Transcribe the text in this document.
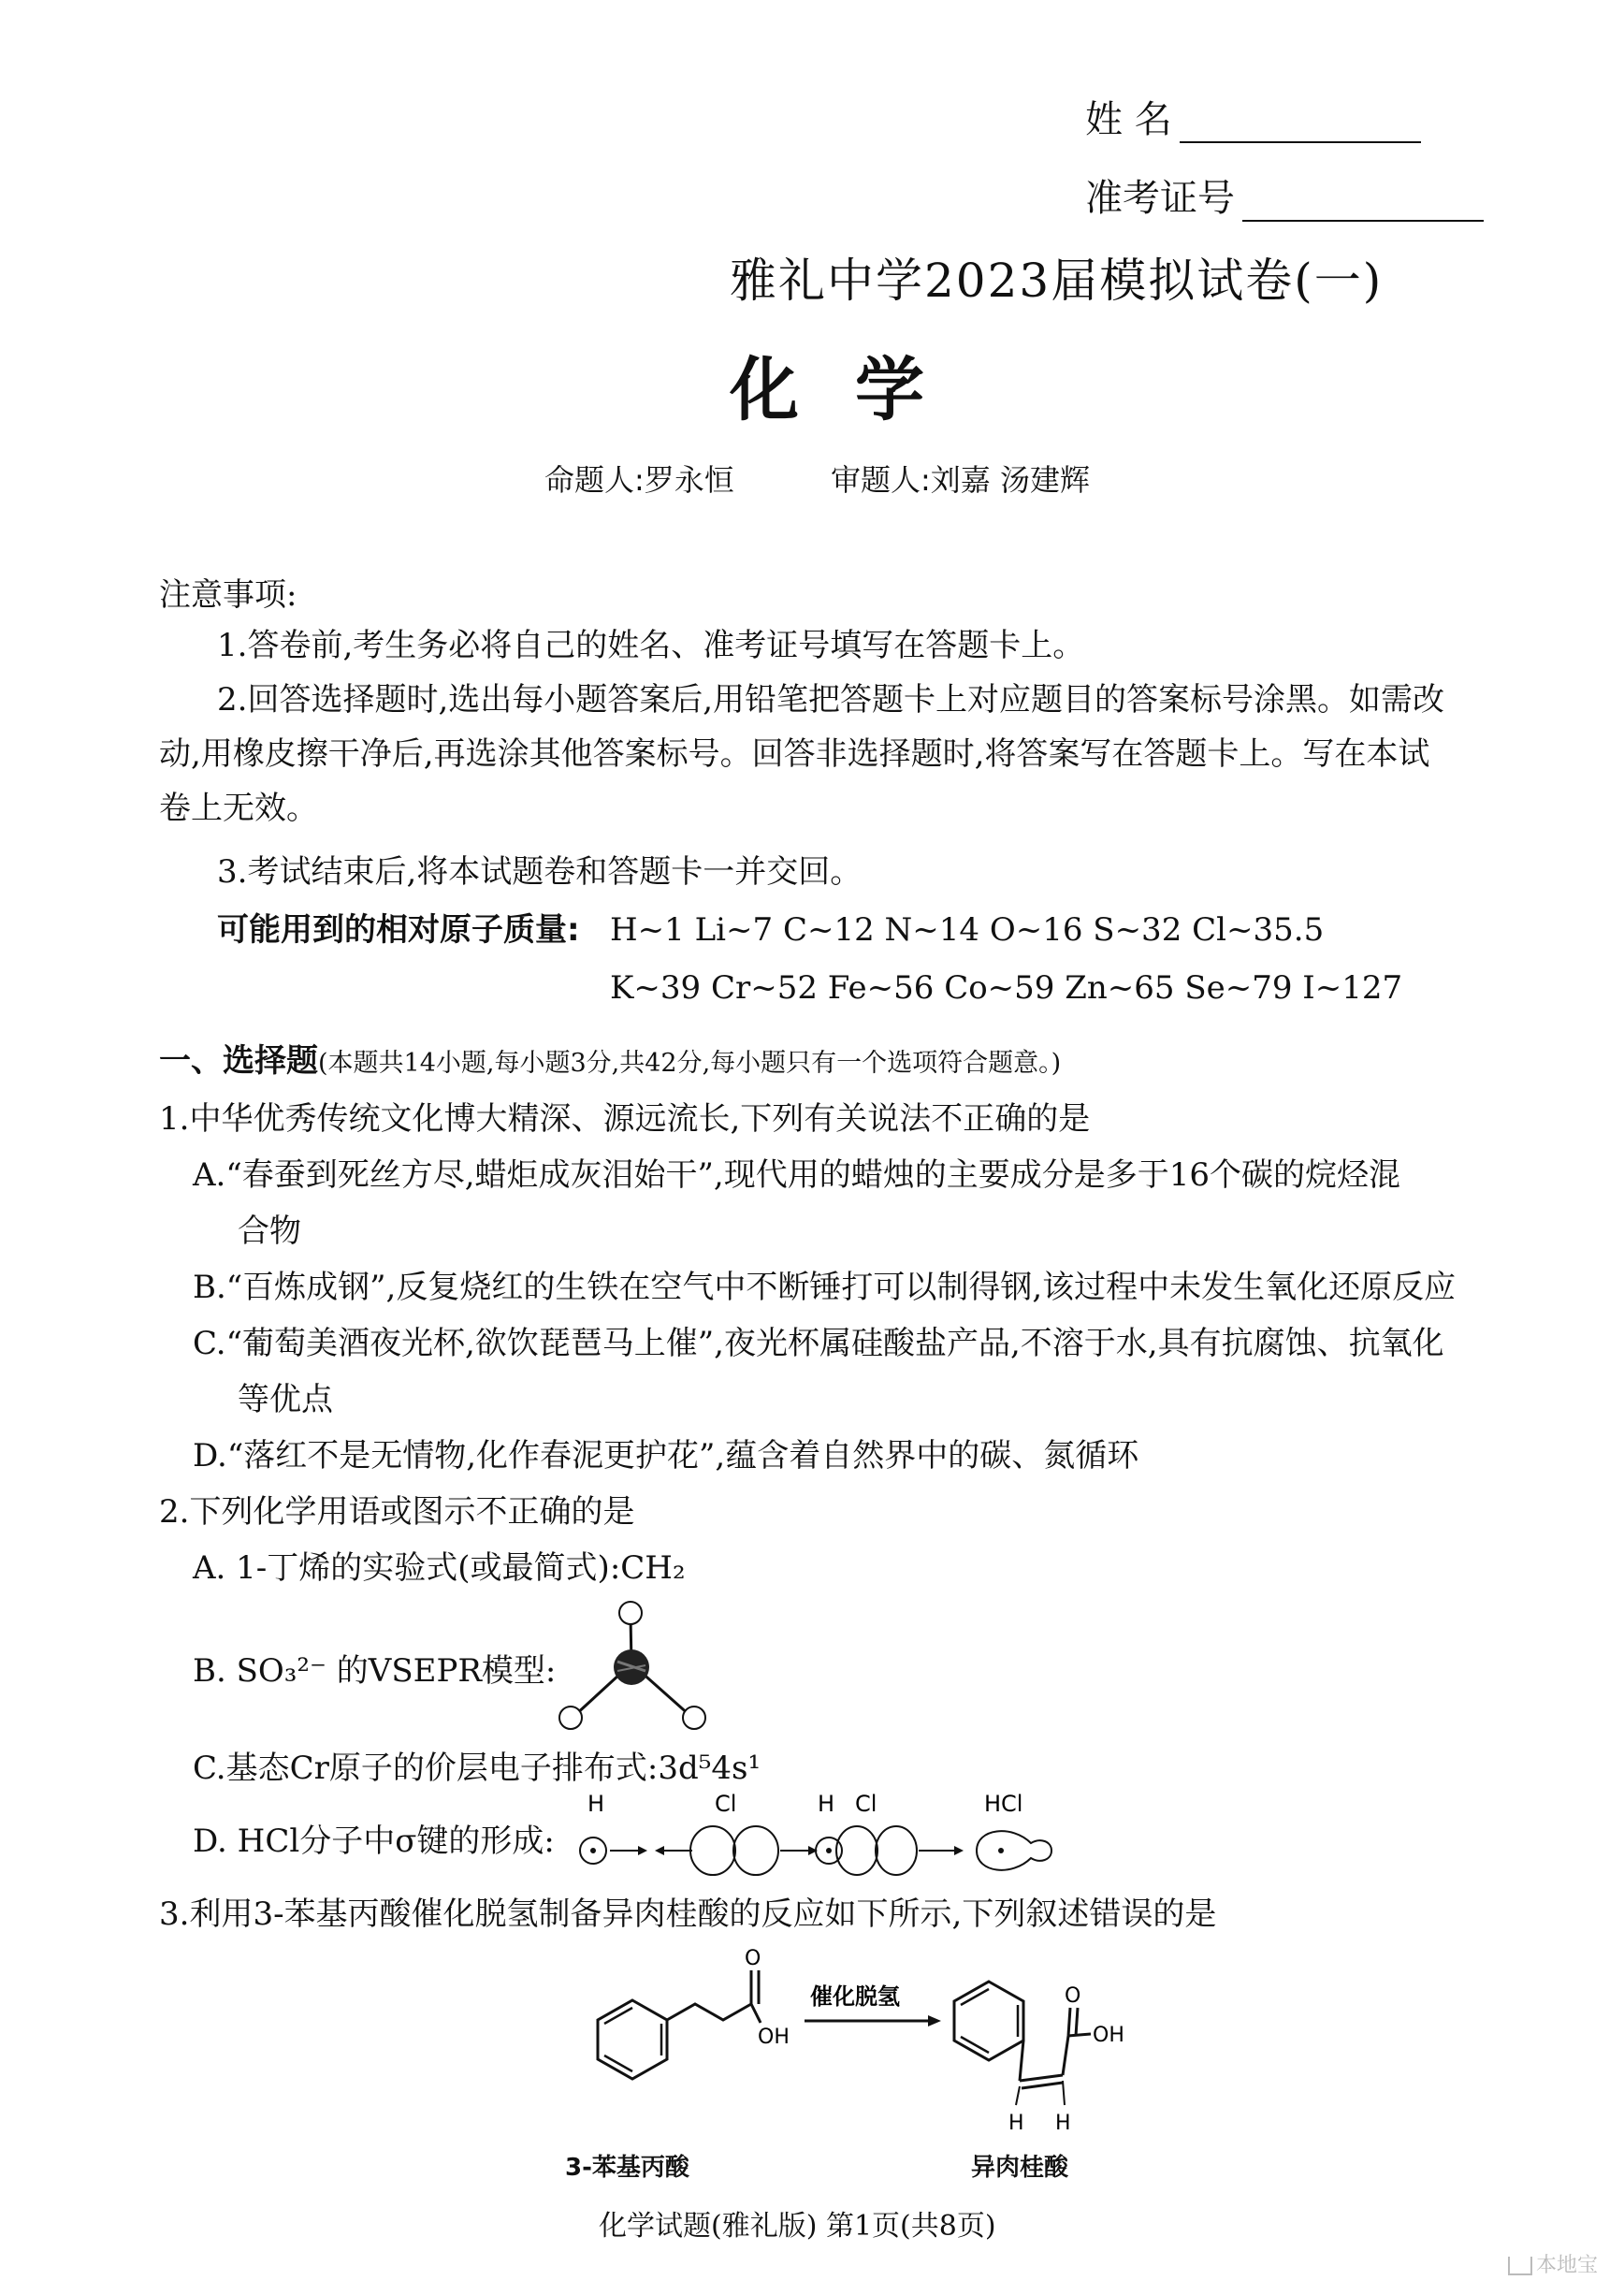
姓 名
准考证号
雅礼中学2023届模拟试卷(一)
化学
命题人:罗永恒	审题人:刘嘉 汤建辉
注意事项:
1.答卷前,考生务必将自己的姓名、准考证号填写在答题卡上。
2.回答选择题时,选出每小题答案后,用铅笔把答题卡上对应题目的答案标号涂黑。如需改
动,用橡皮擦干净后,再选涂其他答案标号。回答非选择题时,将答案写在答题卡上。写在本试
卷上无效。
3.考试结束后,将本试题卷和答题卡一并交回。
可能用到的相对原子质量: H~1 Li~7 C~12 N~14 O~16 S~32 Cl~35.5
K~39 Cr~52 Fe~56 Co~59 Zn~65 Se~79 I~127
一、选择题(本题共14小题,每小题3分,共42分,每小题只有一个选项符合题意。)
1.中华优秀传统文化博大精深、源远流长,下列有关说法不正确的是
A.“春蚕到死丝方尽,蜡炬成灰泪始干”,现代用的蜡烛的主要成分是多于16个碳的烷烃混
合物
B.“百炼成钢”,反复烧红的生铁在空气中不断锤打可以制得钢,该过程中未发生氧化还原反应
C.“葡萄美酒夜光杯,欲饮琵琶马上催”,夜光杯属硅酸盐产品,不溶于水,具有抗腐蚀、抗氧化
等优点
D.“落红不是无情物,化作春泥更护花”,蕴含着自然界中的碳、氮循环
2.下列化学用语或图示不正确的是
A. 1-丁烯的实验式(或最简式):CH₂
B. SO₃²⁻ 的VSEPR模型:
C.基态Cr原子的价层电子排布式:3d⁵4s¹
D. HCl分子中σ键的形成:
H	Cl	H Cl	HCl
3.利用3-苯基丙酸催化脱氢制备异肉桂酸的反应如下所示,下列叙述错误的是
O
OH
催化脱氢	O
OH
H H
3-苯基丙酸	异肉桂酸
化学试题(雅礼版) 第1页(共8页)
本地宝
